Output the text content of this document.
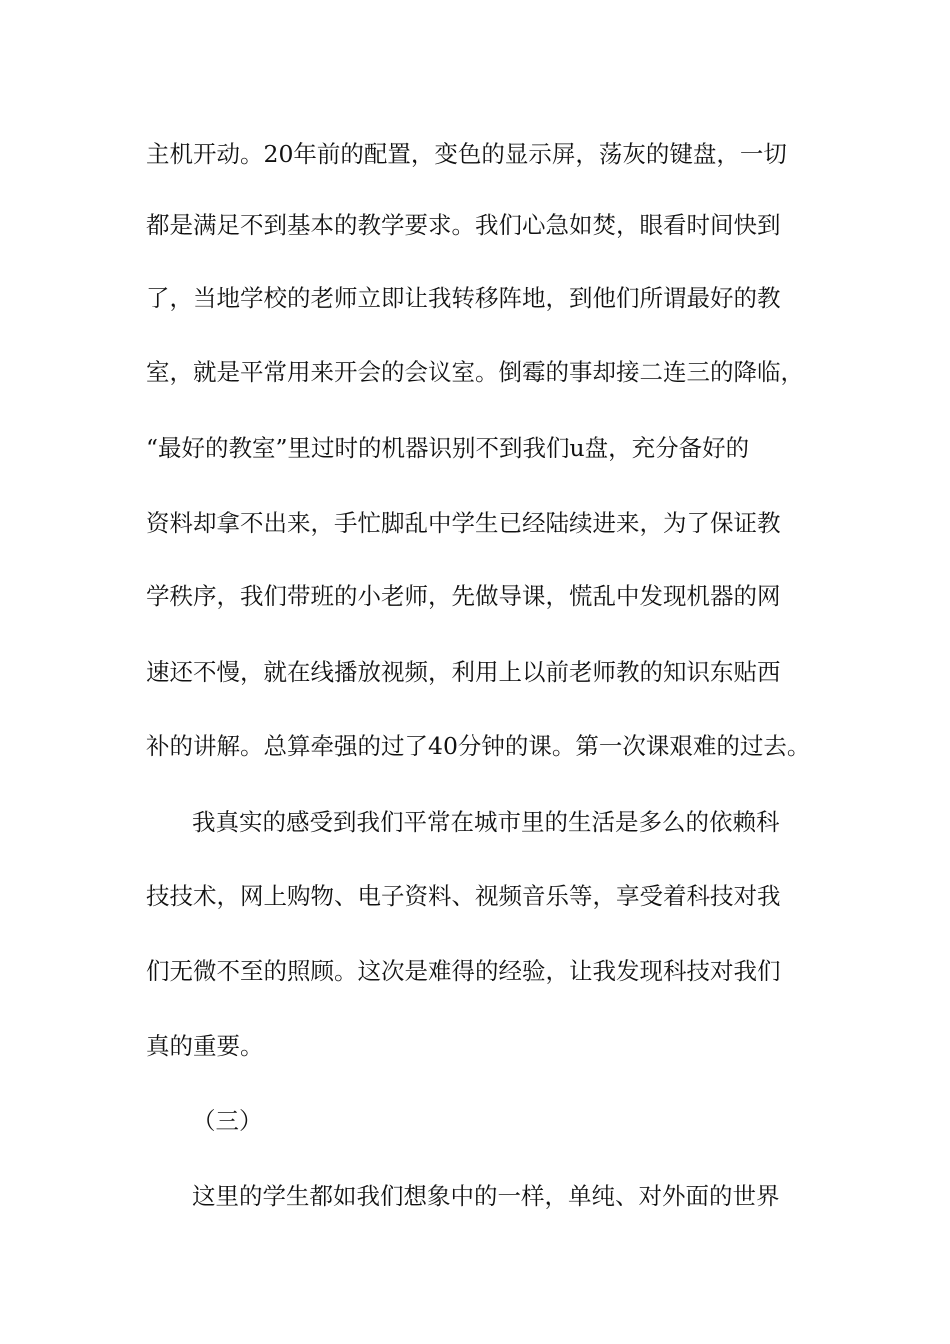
主机开动。20年前的配置，变色的显示屏，荡灰的键盘，一切
都是满足不到基本的教学要求。我们心急如焚，眼看时间快到
了，当地学校的老师立即让我转移阵地，到他们所谓最好的教
室，就是平常用来开会的会议室。倒霉的事却接二连三的降临，
“最好的教室”里过时的机器识别不到我们u盘，充分备好的
资料却拿不出来，手忙脚乱中学生已经陆续进来，为了保证教
学秩序，我们带班的小老师，先做导课，慌乱中发现机器的网
速还不慢，就在线播放视频，利用上以前老师教的知识东贴西
补的讲解。总算牵强的过了40分钟的课。第一次课艰难的过去。
我真实的感受到我们平常在城市里的生活是多么的依赖科
技技术，网上购物、电子资料、视频音乐等，享受着科技对我
们无微不至的照顾。这次是难得的经验，让我发现科技对我们
真的重要。
（三）
这里的学生都如我们想象中的一样，单纯、对外面的世界
